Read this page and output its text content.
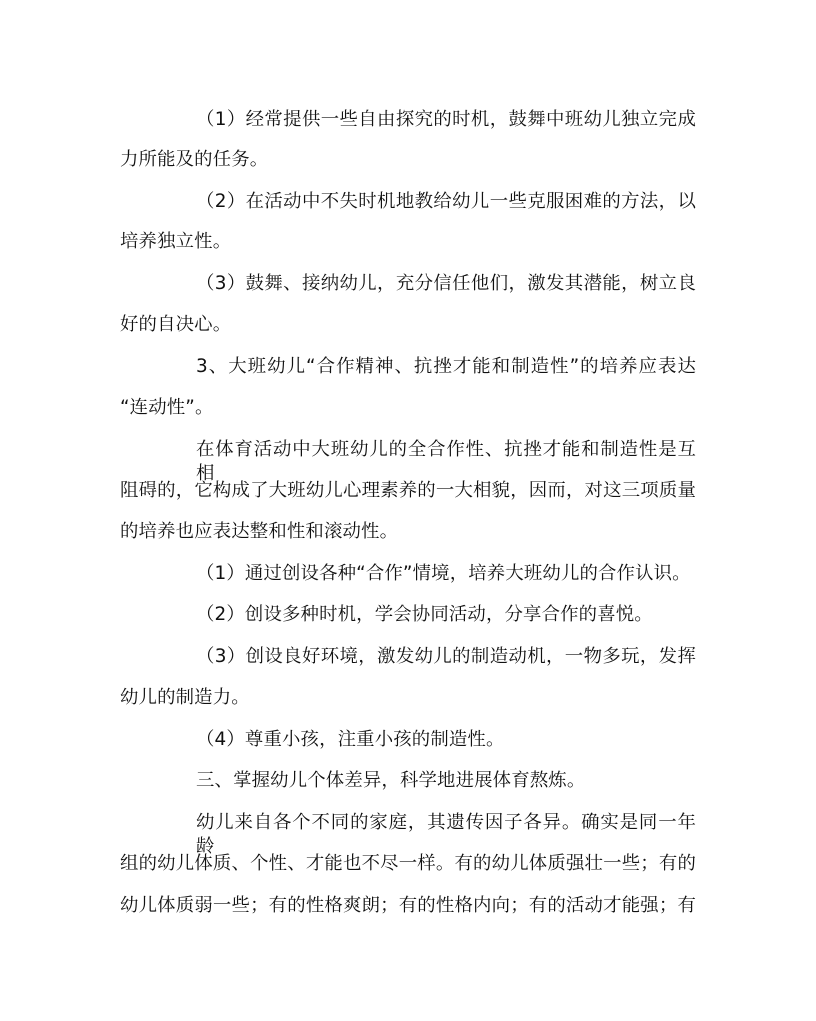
（1）经常提供一些自由探究的时机，鼓舞中班幼儿独立完成
力所能及的任务。
（2）在活动中不失时机地教给幼儿一些克服困难的方法，以
培养独立性。
（3）鼓舞、接纳幼儿，充分信任他们，激发其潜能，树立良
好的自决心。
3、大班幼儿“合作精神、抗挫才能和制造性”的培养应表达
“连动性”。
在体育活动中大班幼儿的全合作性、抗挫才能和制造性是互相
阻碍的，它构成了大班幼儿心理素养的一大相貌，因而，对这三项质量
的培养也应表达整和性和滚动性。
（1）通过创设各种“合作”情境，培养大班幼儿的合作认识。
（2）创设多种时机，学会协同活动，分享合作的喜悦。
（3）创设良好环境，激发幼儿的制造动机，一物多玩，发挥
幼儿的制造力。
（4）尊重小孩，注重小孩的制造性。
三、掌握幼儿个体差异，科学地进展体育熬炼。
幼儿来自各个不同的家庭，其遗传因子各异。确实是同一年龄
组的幼儿体质、个性、才能也不尽一样。有的幼儿体质强壮一些；有的
幼儿体质弱一些；有的性格爽朗；有的性格内向；有的活动才能强；有
